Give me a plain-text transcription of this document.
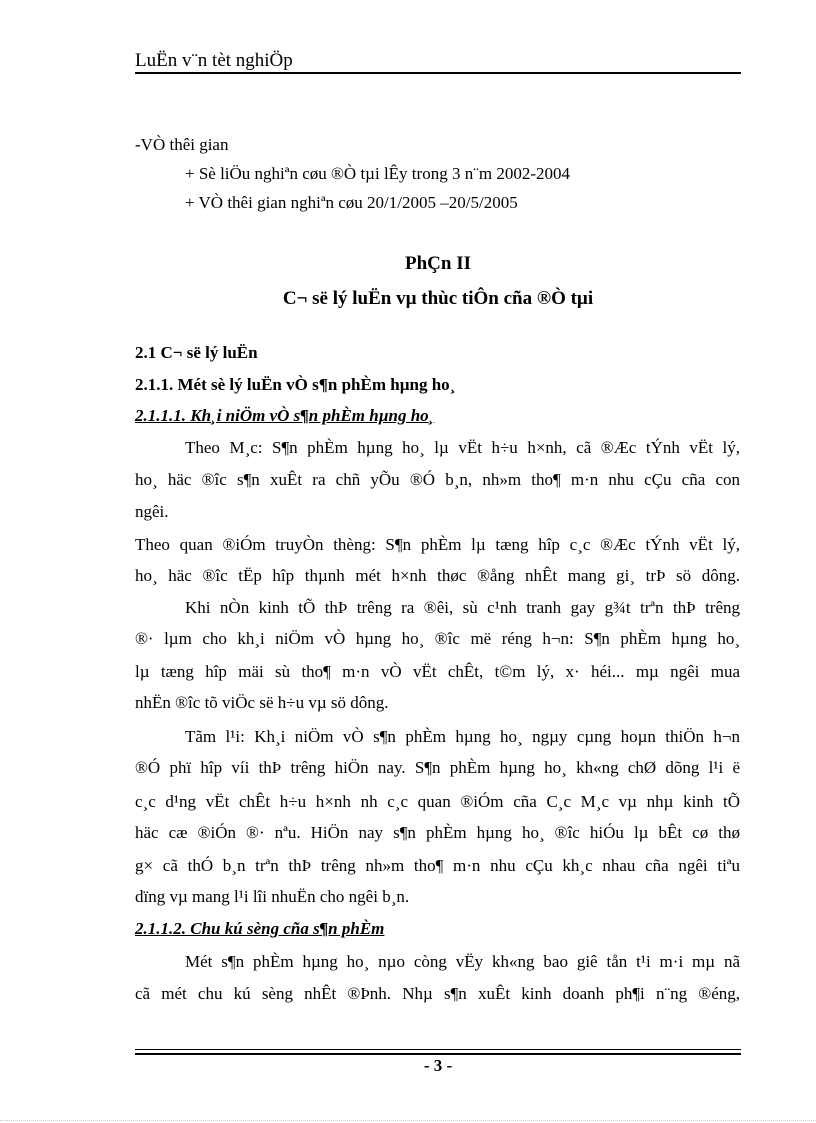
LuËn v¨n tèt nghiÖp
-VÒ thêi gian
+ Sè liÖu nghiªn cøu ®Ò tµi lÊy trong 3 n¨m 2002-2004
+ VÒ thêi gian nghiªn cøu 20/1/2005 –20/5/2005
PhÇn II
C¬ së lý luËn vµ thùc tiÔn cña ®Ò tµi
2.1 C¬ së lý luËn
2.1.1. Mét sè lý luËn vÒ s¶n phÈm hµng ho¸
2.1.1.1. Kh¸i niÖm vÒ s¶n phÈm hµng ho¸
Theo M¸c: S¶n phÈm hµng ho¸ lµ vËt h÷u h×nh, cã ®Æc tÝnh vËt lý,
ho¸ häc ®îc s¶n xuÊt ra chñ yÕu ®Ó b¸n, nh»m tho¶ m·n nhu cÇu cña con
ngêi.
Theo quan ®iÓm truyÒn thèng: S¶n phÈm lµ tæng hîp c¸c ®Æc tÝnh vËt lý,
ho¸ häc ®îc tËp hîp thµnh mét h×nh thøc ®ång nhÊt mang gi¸ trÞ sö dông.
Khi nÒn kinh tÕ thÞ trêng ra ®êi, sù c¹nh tranh gay g¾t trªn thÞ trêng
®· lµm cho kh¸i niÖm vÒ hµng ho¸ ®îc më réng h¬n: S¶n phÈm hµng ho¸
lµ tæng hîp mäi sù tho¶ m·n vÒ vËt chÊt, t©m lý, x· héi... mµ ngêi mua
nhËn ®îc tõ viÖc së h÷u vµ sö dông.
Tãm l¹i: Kh¸i niÖm vÒ s¶n phÈm hµng ho¸ ngµy cµng hoµn thiÖn h¬n
®Ó phï hîp víi thÞ trêng hiÖn nay. S¶n phÈm hµng ho¸ kh«ng chØ dõng l¹i ë
c¸c d¹ng vËt chÊt h÷u h×nh nh c¸c quan ®iÓm cña C¸c M¸c vµ nhµ kinh tÕ
häc cæ ®iÓn ®· nªu. HiÖn nay s¶n phÈm hµng ho¸ ®îc hiÓu lµ bÊt cø thø
g× cã thÓ b¸n trªn thÞ trêng nh»m tho¶ m·n nhu cÇu kh¸c nhau cña ngêi tiªu
dïng vµ mang l¹i lîi nhuËn cho ngêi b¸n.
2.1.1.2. Chu kú sèng cña s¶n phÈm
Mét s¶n phÈm hµng ho¸ nµo còng vËy kh«ng bao giê tån t¹i m·i mµ nã
cã mét chu kú sèng nhÊt ®Þnh. Nhµ s¶n xuÊt kinh doanh ph¶i n¨ng ®éng,
- 3 -
